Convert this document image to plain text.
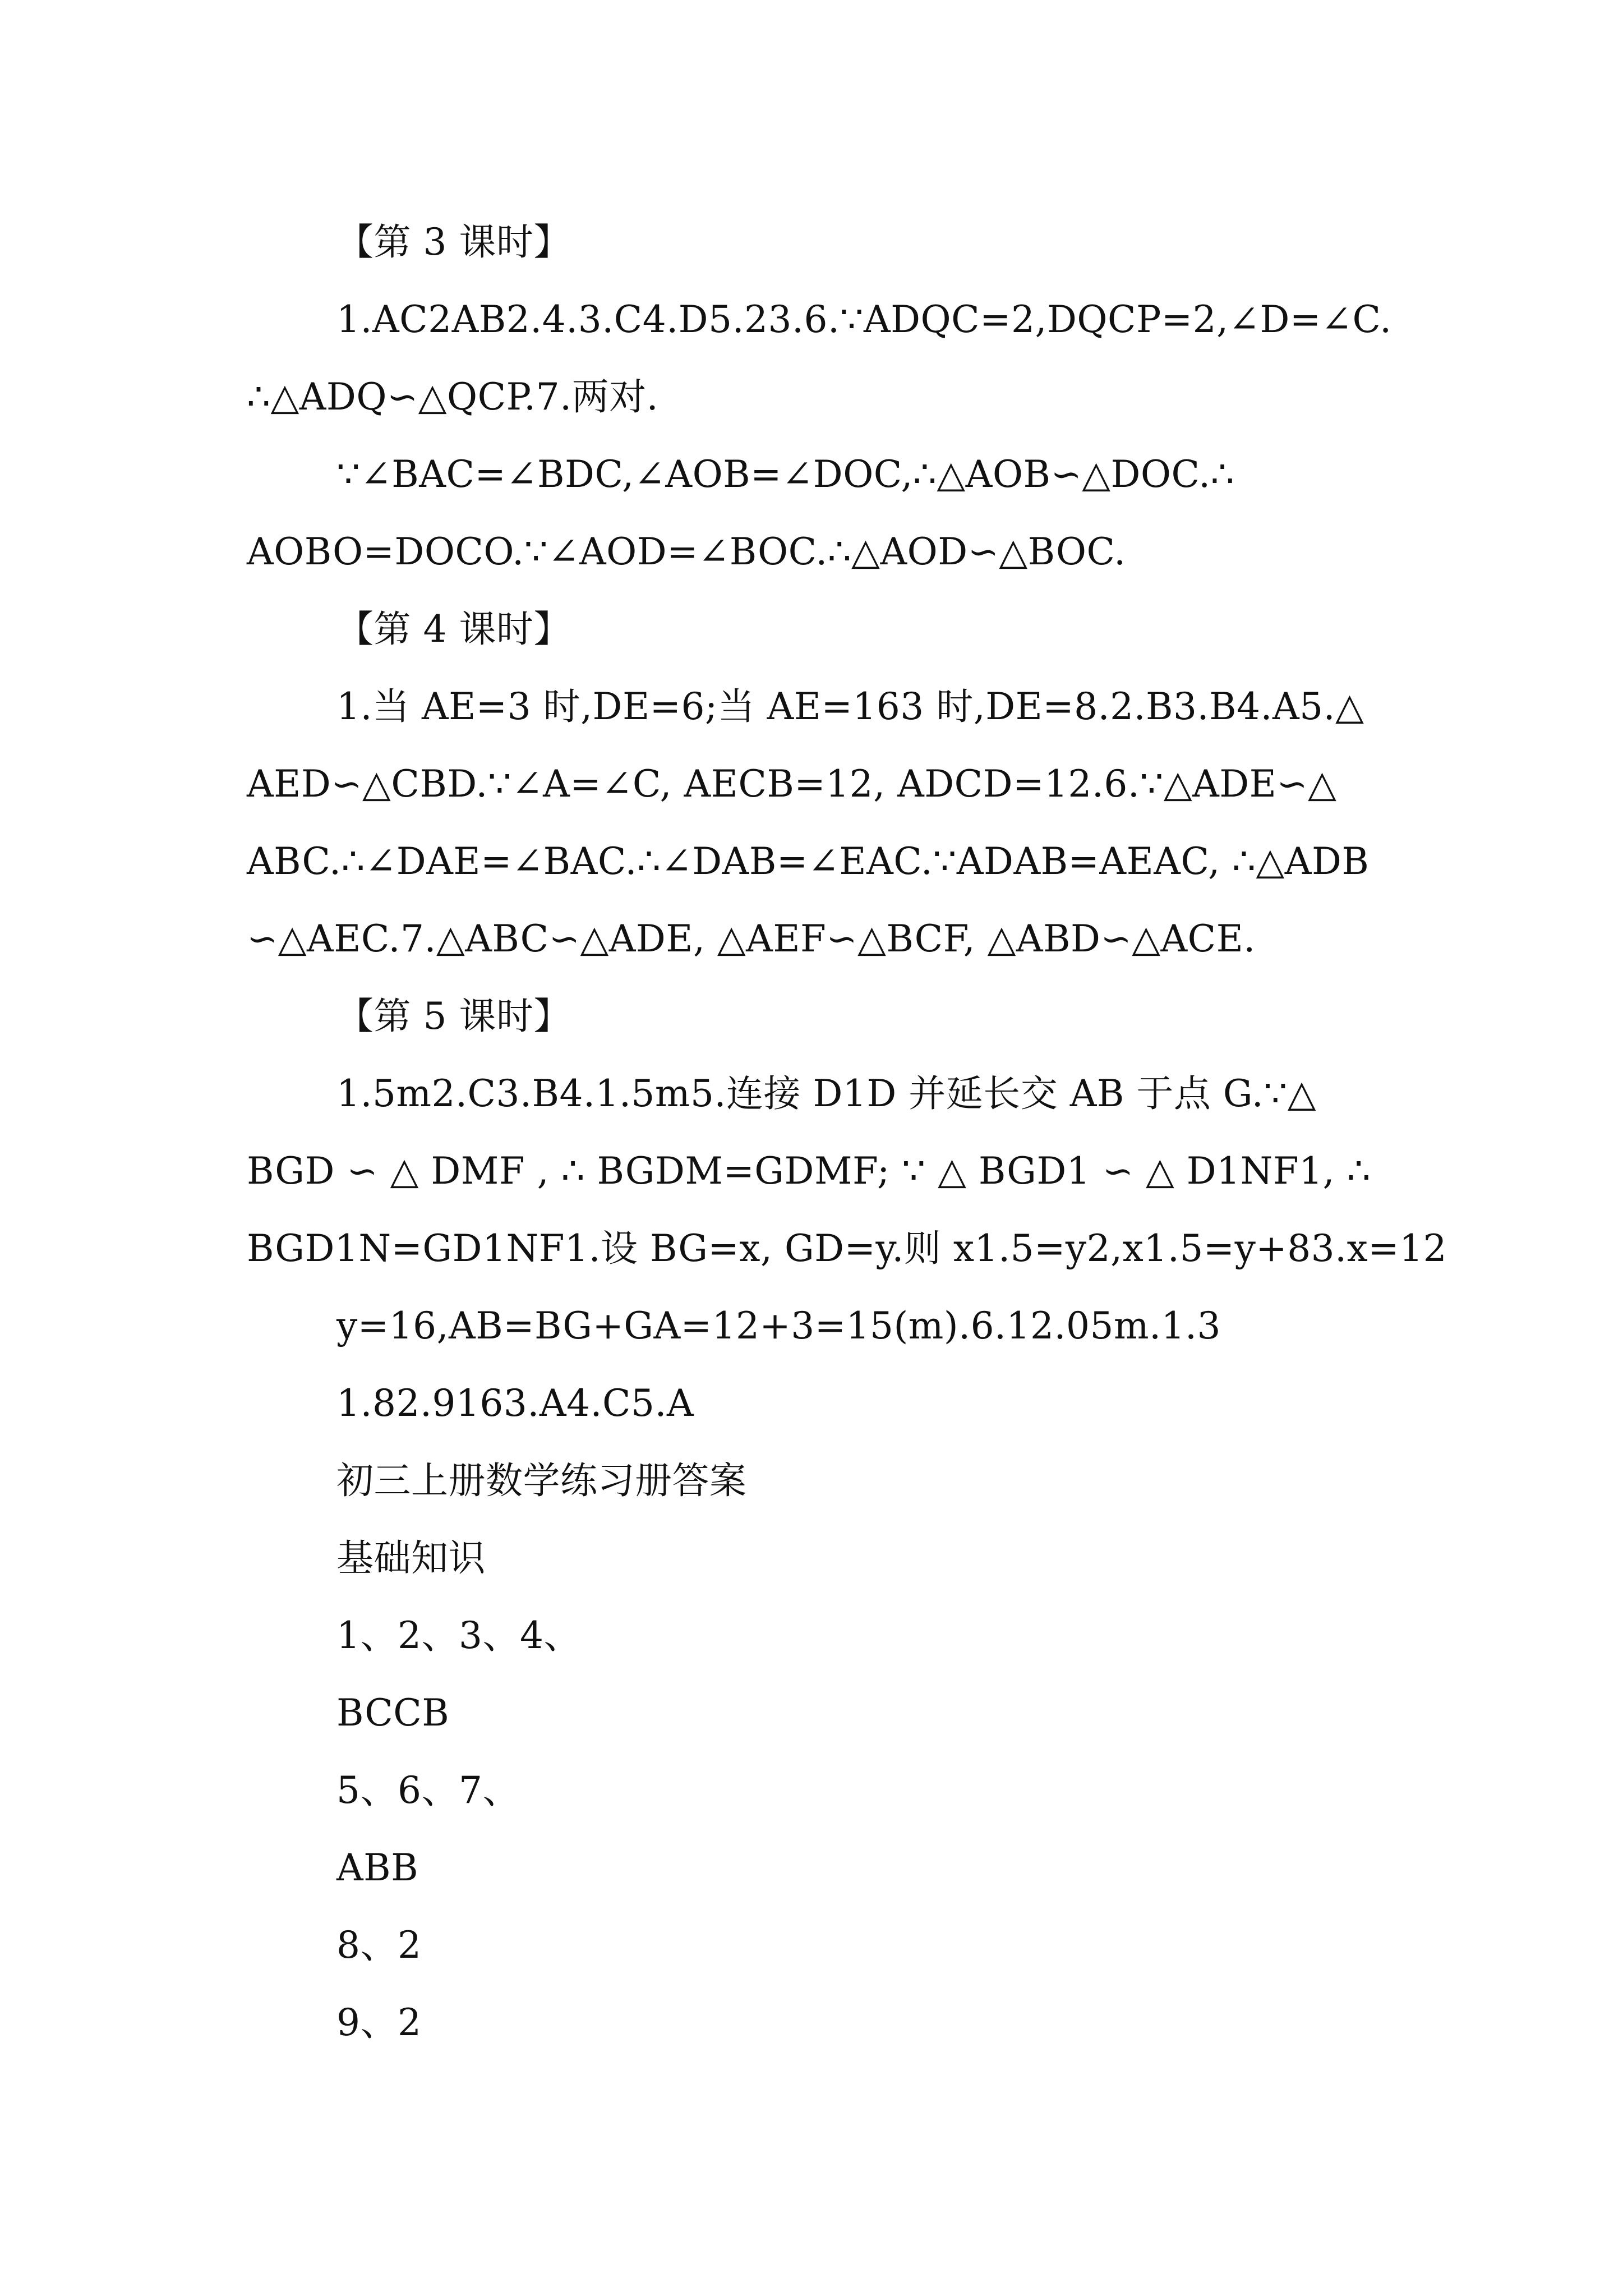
【第 3 课时】
1.AC2AB2.4.3.C4.D5.23.6.∵ADQC=2,DQCP=2,∠D=∠C.
∴△ADQ∽△QCP.7.两对.
∵∠BAC=∠BDC,∠AOB=∠DOC,∴△AOB∽△DOC.∴
AOBO=DOCO.∵∠AOD=∠BOC.∴△AOD∽△BOC.
【第 4 课时】
1.当 AE=3 时,DE=6;当 AE=163 时,DE=8.2.B3.B4.A5.△
AED∽△CBD.∵∠A=∠C, AECB=12, ADCD=12.6.∵△ADE∽△
ABC.∴∠DAE=∠BAC.∴∠DAB=∠EAC.∵ADAB=AEAC, ∴△ADB
∽△AEC.7.△ABC∽△ADE, △AEF∽△BCF, △ABD∽△ACE.
【第 5 课时】
1.5m2.C3.B4.1.5m5.连接 D1D 并延长交 AB 于点 G.∵△
BGD ∽ △ DMF , ∴ BGDM=GDMF; ∵ △ BGD1 ∽ △ D1NF1, ∴
BGD1N=GD1NF1.设 BG=x, GD=y.则 x1.5=y2,x1.5=y+83.x=12
y=16,AB=BG+GA=12+3=15(m).6.12.05m.1.3
1.82.9163.A4.C5.A
初三上册数学练习册答案
基础知识
1、2、3、4、
BCCB
5、6、7、
ABB
8、2
9、2
